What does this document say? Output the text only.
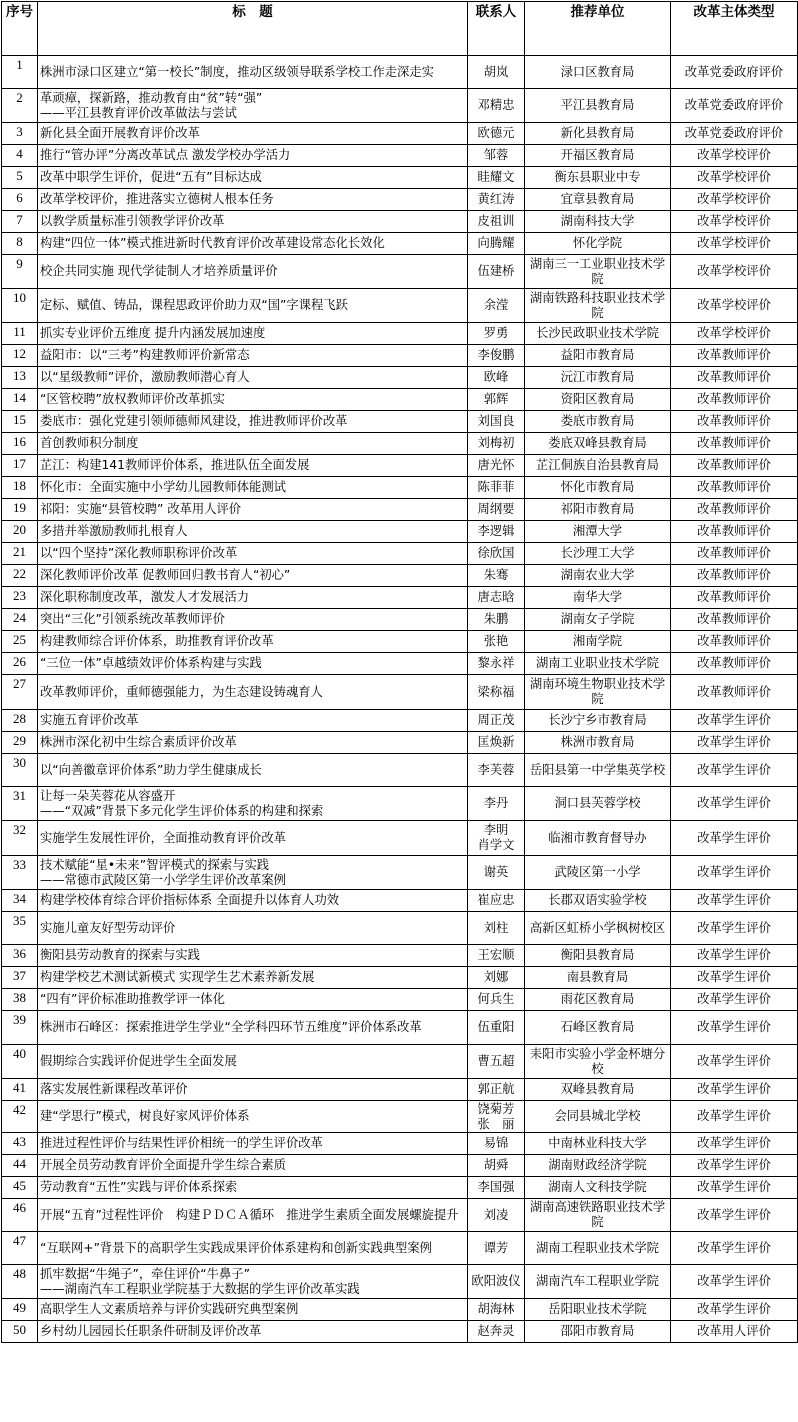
序号	标　题	联系人	推荐单位	改革主体类型
1	株洲市渌口区建立“第一校长”制度，推动区级领导联系学校工作走深走实	胡岚	渌口区教育局	改革党委政府评价
2	革顽瘴，探新路，推动教育由“贫”转“强”
——平江县教育评价改革做法与尝试	邓精忠	平江县教育局	改革党委政府评价
3	新化县全面开展教育评价改革	欧德元	新化县教育局	改革党委政府评价
4	推行“管办评”分离改革试点 激发学校办学活力	邹蓉	开福区教育局	改革学校评价
5	改革中职学生评价，促进“五有”目标达成	眭耀文	衡东县职业中专	改革学校评价
6	改革学校评价，推进落实立德树人根本任务	黄红涛	宜章县教育局	改革学校评价
7	以教学质量标准引领教学评价改革	皮祖训	湖南科技大学	改革学校评价
8	构建“四位一体”模式推进新时代教育评价改革建设常态化长效化	向腾耀	怀化学院	改革学校评价
9	校企共同实施 现代学徒制人才培养质量评价	伍建桥	湖南三一工业职业技术学院	改革学校评价
10	定标、赋值、铸品，课程思政评价助力双“国”字课程飞跃	余滢	湖南铁路科技职业技术学院	改革学校评价
11	抓实专业评价五维度 提升内涵发展加速度	罗勇	长沙民政职业技术学院	改革学校评价
12	益阳市：以“三考”构建教师评价新常态	李俊鹏	益阳市教育局	改革教师评价
13	以“星级教师”评价，激励教师潜心育人	欧峰	沅江市教育局	改革教师评价
14	“区管校聘”放权教师评价改革抓实	郭辉	资阳区教育局	改革教师评价
15	娄底市：强化党建引领师德师风建设，推进教师评价改革	刘国良	娄底市教育局	改革教师评价
16	首创教师积分制度	刘梅初	娄底双峰县教育局	改革教师评价
17	芷江：构建141教师评价体系，推进队伍全面发展	唐光怀	芷江侗族自治县教育局	改革教师评价
18	怀化市：全面实施中小学幼儿园教师体能测试	陈菲菲	怀化市教育局	改革教师评价
19	祁阳：实施“县管校聘” 改革用人评价	周纲要	祁阳市教育局	改革教师评价
20	多措并举激励教师扎根育人	李逻辑	湘潭大学	改革教师评价
21	以“四个坚持”深化教师职称评价改革	徐欣国	长沙理工大学	改革教师评价
22	深化教师评价改革 促教师回归教书育人“初心”	朱骞	湖南农业大学	改革教师评价
23	深化职称制度改革，激发人才发展活力	唐志晗	南华大学	改革教师评价
24	突出“三化”引领系统改革教师评价	朱鹏	湖南女子学院	改革教师评价
25	构建教师综合评价体系，助推教育评价改革	张艳	湘南学院	改革教师评价
26	“三位一体”卓越绩效评价体系构建与实践	黎永祥	湖南工业职业技术学院	改革教师评价
27	改革教师评价，重师德强能力，为生态建设铸魂育人	梁称福	湖南环境生物职业技术学院	改革教师评价
28	实施五育评价改革	周正茂	长沙宁乡市教育局	改革学生评价
29	株洲市深化初中生综合素质评价改革	匡焕新	株洲市教育局	改革学生评价
30	以“向善徽章评价体系”助力学生健康成长	李芙蓉	岳阳县第一中学集英学校	改革学生评价
31	让每一朵芙蓉花从容盛开
——“双减”背景下多元化学生评价体系的构建和探索	李丹	洞口县芙蓉学校	改革学生评价
32	实施学生发展性评价，全面推动教育评价改革	李明
肖学文	临湘市教育督导办	改革学生评价
33	技术赋能“星•未来”智评模式的探索与实践
——常德市武陵区第一小学学生评价改革案例	谢英	武陵区第一小学	改革学生评价
34	构建学校体育综合评价指标体系 全面提升以体育人功效	崔应忠	长郡双语实验学校	改革学生评价
35	实施儿童友好型劳动评价	刘柱	高新区虹桥小学枫树校区	改革学生评价
36	衡阳县劳动教育的探索与实践	王宏顺	衡阳县教育局	改革学生评价
37	构建学校艺术测试新模式 实现学生艺术素养新发展	刘娜	南县教育局	改革学生评价
38	“四有”评价标准助推教学评一体化	何兵生	雨花区教育局	改革学生评价
39	株洲市石峰区：探索推进学生学业“全学科四环节五维度”评价体系改革	伍重阳	石峰区教育局	改革学生评价
40	假期综合实践评价促进学生全面发展	曹五超	耒阳市实验小学金杯塘分校	改革学生评价
41	落实发展性新课程改革评价	郭正航	双峰县教育局	改革学生评价
42	建“学思行”模式，树良好家风评价体系	饶菊芳
张　丽	会同县城北学校	改革学生评价
43	推进过程性评价与结果性评价相统一的学生评价改革	易锦	中南林业科技大学	改革学生评价
44	开展全员劳动教育评价全面提升学生综合素质	胡舜	湖南财政经济学院	改革学生评价
45	劳动教育“五性”实践与评价体系探索	李国强	湖南人文科技学院	改革学生评价
46	开展“五育”过程性评价　构建ＰＤＣＡ循环　推进学生素质全面发展螺旋提升	刘凌	湖南高速铁路职业技术学院	改革学生评价
47	“互联网+”背景下的高职学生实践成果评价体系建构和创新实践典型案例	谭芳	湖南工程职业技术学院	改革学生评价
48	抓牢数据“牛绳子”，牵住评价“牛鼻子”
——湖南汽车工程职业学院基于大数据的学生评价改革实践	欧阳波仪	湖南汽车工程职业学院	改革学生评价
49	高职学生人文素质培养与评价实践研究典型案例	胡海林	岳阳职业技术学院	改革学生评价
50	乡村幼儿园园长任职条件研制及评价改革	赵奔灵	邵阳市教育局	改革用人评价
